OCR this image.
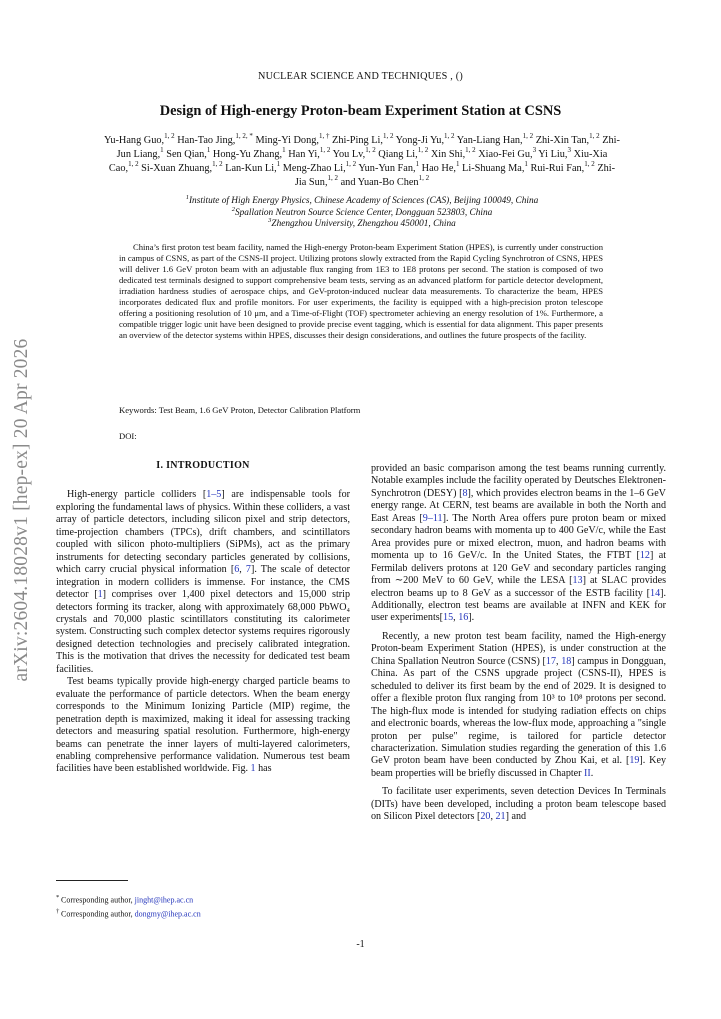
arXiv:2604.18028v1 [hep-ex] 20 Apr 2026
NUCLEAR SCIENCE AND TECHNIQUES , ()
Design of High-energy Proton-beam Experiment Station at CSNS
Yu-Hang Guo,$^{1, 2}$ Han-Tao Jing,$^{1, 2, *}$ Ming-Yi Dong,$^{1, \dagger}$ Zhi-Ping Li,$^{1, 2}$ Yong-Ji Yu,$^{1, 2}$ Yan-Liang Han,$^{1, 2}$ Zhi-Xin Tan,$^{1, 2}$ Zhi-Jun Liang,$^1$ Sen Qian,$^1$ Hong-Yu Zhang,$^1$ Han Yi,$^{1, 2}$ You Lv,$^{1, 2}$ Qiang Li,$^{1, 2}$ Xin Shi,$^{1, 2}$ Xiao-Fei Gu,$^3$ Yi Liu,$^3$ Xiu-Xia Cao,$^{1, 2}$ Si-Xuan Zhuang,$^{1, 2}$ Lan-Kun Li,$^1$ Meng-Zhao Li,$^{1, 2}$ Yun-Yun Fan,$^1$ Hao He,$^1$ Li-Shuang Ma,$^1$ Rui-Rui Fan,$^{1, 2}$ Zhi-Jia Sun,$^{1, 2}$ and Yuan-Bo Chen$^{1, 2}$
$^1$Institute of High Energy Physics, Chinese Academy of Sciences (CAS), Beijing 100049, China
$^2$Spallation Neutron Source Science Center, Dongguan 523803, China
$^3$Zhengzhou University, Zhengzhou 450001, China
China’s first proton test beam facility, named the High-energy Proton-beam Experiment Station (HPES), is currently under construction in campus of CSNS, as part of the CSNS-II project. Utilizing protons slowly extracted from the Rapid Cycling Synchrotron of CSNS, HPES will deliver 1.6 GeV proton beam with an adjustable flux ranging from 1E3 to 1E8 protons per second. The station is composed of two dedicated test terminals designed to support comprehensive beam tests, serving as an advanced platform for particle detector development, irradiation hardness studies of aerospace chips, and GeV-proton-induced nuclear data measurements. To characterize the beam, HPES incorporates dedicated flux and profile monitors. For user experiments, the facility is equipped with a high-precision proton telescope offering a positioning resolution of 10 μm, and a Time-of-Flight (TOF) spectrometer achieving an energy resolution of 1%. Furthermore, a compatible trigger logic unit have been designed to provide precise event tagging, which is essential for data alignment. This paper presents an overview of the detector systems within HPES, discusses their design considerations, and outlines the future prospects of the facility.
Keywords: Test Beam, 1.6 GeV Proton, Detector Calibration Platform
DOI:
I. INTRODUCTION

High-energy particle colliders [1–5] are indispensable tools for exploring the fundamental laws of physics. Within these colliders, a vast array of particle detectors, including silicon pixel and strip detectors, time-projection chambers (TPCs), drift chambers, and scintillators coupled with silicon photo-multipliers (SiPMs), act as the primary instruments for detecting secondary particles generated by collisions, which carry crucial physical information [6, 7]. The scale of detector integration in modern colliders is immense. For instance, the CMS detector [1] comprises over 1,400 pixel detectors and 15,000 strip detectors forming its tracker, along with approximately 68,000 PbWO₄ crystals and 70,000 plastic scintillators constituting its calorimeter system. Constructing such complex detector systems requires rigorously designed detection technologies and precisely calibrated integration. This is the motivation that drives the necessity for dedicated test beam facilities.

Test beams typically provide high-energy charged particle beams to evaluate the performance of particle detectors. When the beam energy corresponds to the Minimum Ionizing Particle (MIP) regime, the penetration depth is maximized, making it ideal for assessing tracking detectors and measuring spatial resolution. Furthermore, high-energy beams can penetrate the inner layers of multi-layered calorimeters, enabling comprehensive performance validation. Numerous test beam facilities have been established worldwide. Fig. 1 has

provided an basic comparison among the test beams running currently. Notable examples include the facility operated by Deutsches Elektronen-Synchrotron (DESY) [8], which provides electron beams in the 1–6 GeV energy range. At CERN, test beams are available in both the North and East Areas [9–11]. The North Area offers pure proton beam or mixed secondary hadron beams with momenta up to 400 GeV/c, while the East Area provides pure or mixed electron, muon, and hadron beams with momenta up to 16 GeV/c. In the United States, the FTBT [12] at Fermilab delivers protons at 120 GeV and secondary particles ranging from ∼200 MeV to 60 GeV, while the LESA [13] at SLAC provides electron beams up to 8 GeV as a successor of the ESTB facility [14]. Additionally, electron test beams are available at INFN and KEK for user experiments[15, 16].

Recently, a new proton test beam facility, named the High-energy Proton-beam Experiment Station (HPES), is under construction at the China Spallation Neutron Source (CSNS) [17, 18] campus in Dongguan, China. As part of the CSNS upgrade project (CSNS-II), HPES is scheduled to deliver its first beam by the end of 2029. It is designed to offer a flexible proton flux ranging from 10³ to 10⁸ protons per second. The high-flux mode is intended for studying radiation effects on chips and electronic boards, whereas the low-flux mode, approaching a "single proton per pulse" regime, is tailored for particle detector characterization. Simulation studies regarding the generation of this 1.6 GeV proton beam have been conducted by Zhou Kai, et al. [19]. Key beam properties will be briefly discussed in Chapter II.

To facilitate user experiments, seven detection Devices In Terminals (DITs) have been developed, including a proton beam telescope based on Silicon Pixel detectors [20, 21] and

* Corresponding author, jinght@ihep.ac.cn
† Corresponding author, dongmy@ihep.ac.cn
-1
